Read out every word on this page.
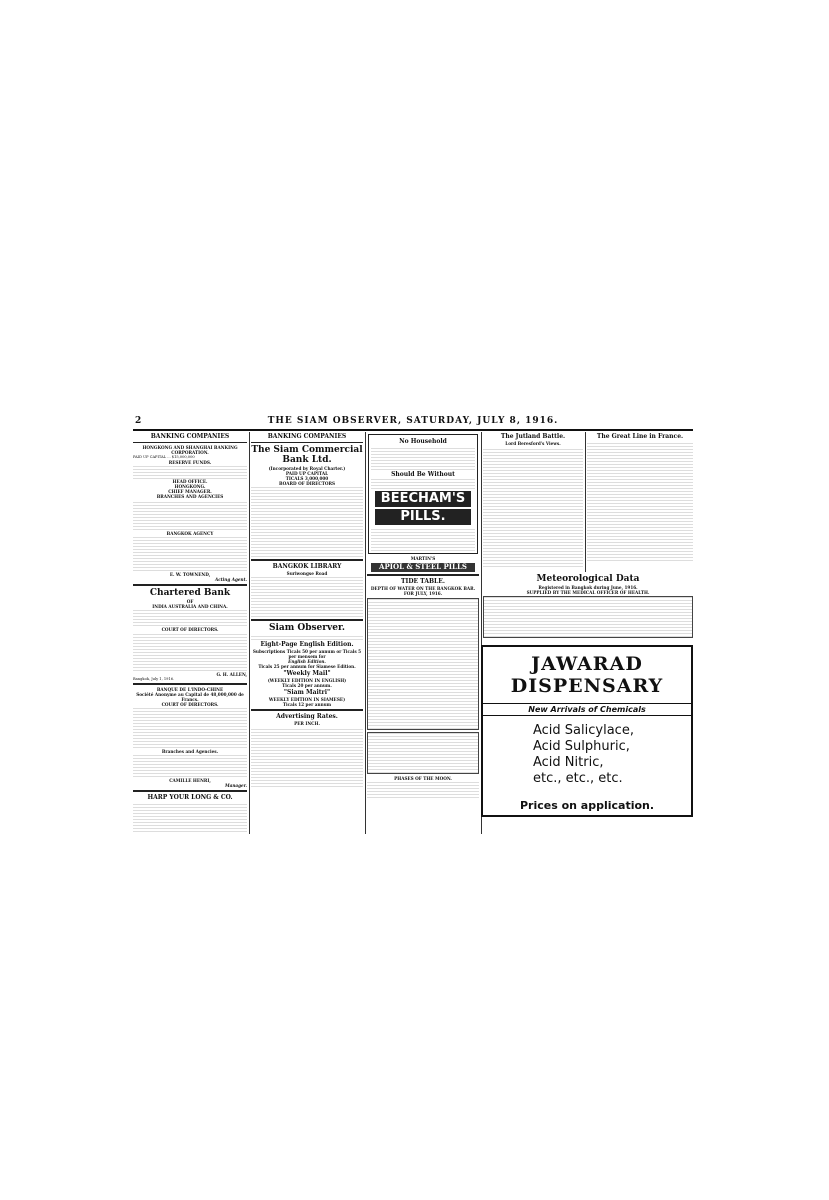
2	THE SIAM OBSERVER, SATURDAY, JULY 8, 1916.
BANKING COMPANIES
HONGKONG AND SHANGHAI BANKING CORPORATION.
PAID UP CAPITAL ... $15,000,000
RESERVE FUNDS.
HEAD OFFICE.
HONGKONG.
CHIEF MANAGER.
BRANCHES AND AGENCIES
BANGKOK AGENCY
E. W. TOWNEND,
Acting Agent.
Chartered Bank
OF
INDIA AUSTRALIA AND CHINA.
COURT OF DIRECTORS.
G. H. ALLEN,
Bangkok, July 1, 1916.
BANQUE DE L'INDO-CHINE
Société Anonyme au Capital de 48,000,000 de Francs.
COURT OF DIRECTORS.
Branches and Agencies.
CAMILLE HENRI,
Manager.
HARP YOUR LONG & CO.
BANKING COMPANIES
The Siam Commercial Bank Ltd.
(Incorporated by Royal Charter.)
PAID UP CAPITAL
TICALS 3,000,000
BOARD OF DIRECTORS
BANGKOK LIBRARY
Suriwongse Road
Siam Observer.
Eight-Page English Edition.
Subscriptions Ticals 50 per annum or Ticals 5 per mensem for
English Edition.
Ticals 25 per annum for Siamese Edition.
"Weekly Mail"
(WEEKLY EDITION IN ENGLISH)
Ticals 20 per annum.
"Siam Maitri"
WEEKLY EDITION IN SIAMESE)
Ticals 12 per annum
Advertising Rates.
PER INCH.
No Household
Should Be Without
BEECHAM'S
PILLS.
MARTIN'S
APIOL & STEEL PILLS
TIDE TABLE.
DEPTH OF WATER ON THE BANGKOK BAR.
FOR JULY, 1916.
PHASES OF THE MOON.
The Jutland Battle.
Lord Beresford's Views.
The Great Line in France.
Meteorological Data
Registered in Bangkok during June, 1916.
SUPPLIED BY THE MEDICAL OFFICER OF HEALTH.
JAWARAD DISPENSARY
New Arrivals of Chemicals
Acid Salicylace,
Acid Sulphuric,
Acid Nitric,
etc., etc., etc.
Prices on application.
